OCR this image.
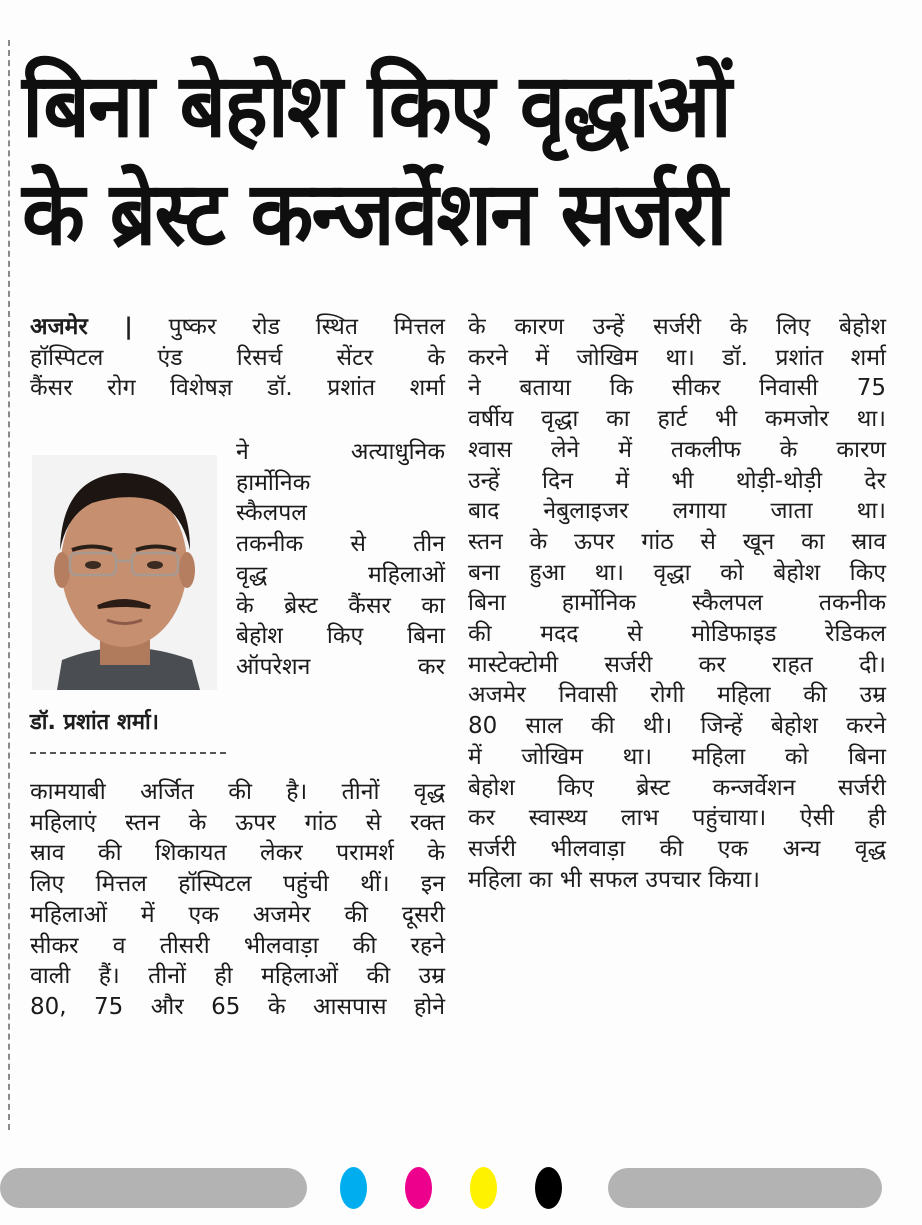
बिना बेहोश किए वृद्धाओं
के ब्रेस्ट कन्जर्वेशन सर्जरी
अजमेर | पुष्कर रोड स्थित मित्तल
हॉस्पिटल एंड रिसर्च सेंटर के
कैंसर रोग विशेषज्ञ डॉ. प्रशांत शर्मा
डॉ. प्रशांत शर्मा।
ने अत्याधुनिक
हार्मोनिक
स्कैलपल
तकनीक से तीन
वृद्ध महिलाओं
के ब्रेस्ट कैंसर का
बेहोश किए बिना
ऑपरेशन कर
कामयाबी अर्जित की है। तीनों वृद्ध
महिलाएं स्तन के ऊपर गांठ से रक्त
स्राव की शिकायत लेकर परामर्श के
लिए मित्तल हॉस्पिटल पहुंची थीं। इन
महिलाओं में एक अजमेर की दूसरी
सीकर व तीसरी भीलवाड़ा की रहने
वाली हैं। तीनों ही महिलाओं की उम्र
80, 75 और 65 के आसपास होने
के कारण उन्हें सर्जरी के लिए बेहोश
करने में जोखिम था। डॉ. प्रशांत शर्मा
ने बताया कि सीकर निवासी 75
वर्षीय वृद्धा का हार्ट भी कमजोर था।
श्वास लेने में तकलीफ के कारण
उन्हें दिन में भी थोड़ी-थोड़ी देर
बाद नेबुलाइजर लगाया जाता था।
स्तन के ऊपर गांठ से खून का स्राव
बना हुआ था। वृद्धा को बेहोश किए
बिना हार्मोनिक स्कैलपल तकनीक
की मदद से मोडिफाइड रेडिकल
मास्टेक्टोमी सर्जरी कर राहत दी।
अजमेर निवासी रोगी महिला की उम्र
80 साल की थी। जिन्हें बेहोश करने
में जोखिम था। महिला को बिना
बेहोश किए ब्रेस्ट कन्जर्वेशन सर्जरी
कर स्वास्थ्य लाभ पहुंचाया। ऐसी ही
सर्जरी भीलवाड़ा की एक अन्य वृद्ध
महिला का भी सफल उपचार किया।
